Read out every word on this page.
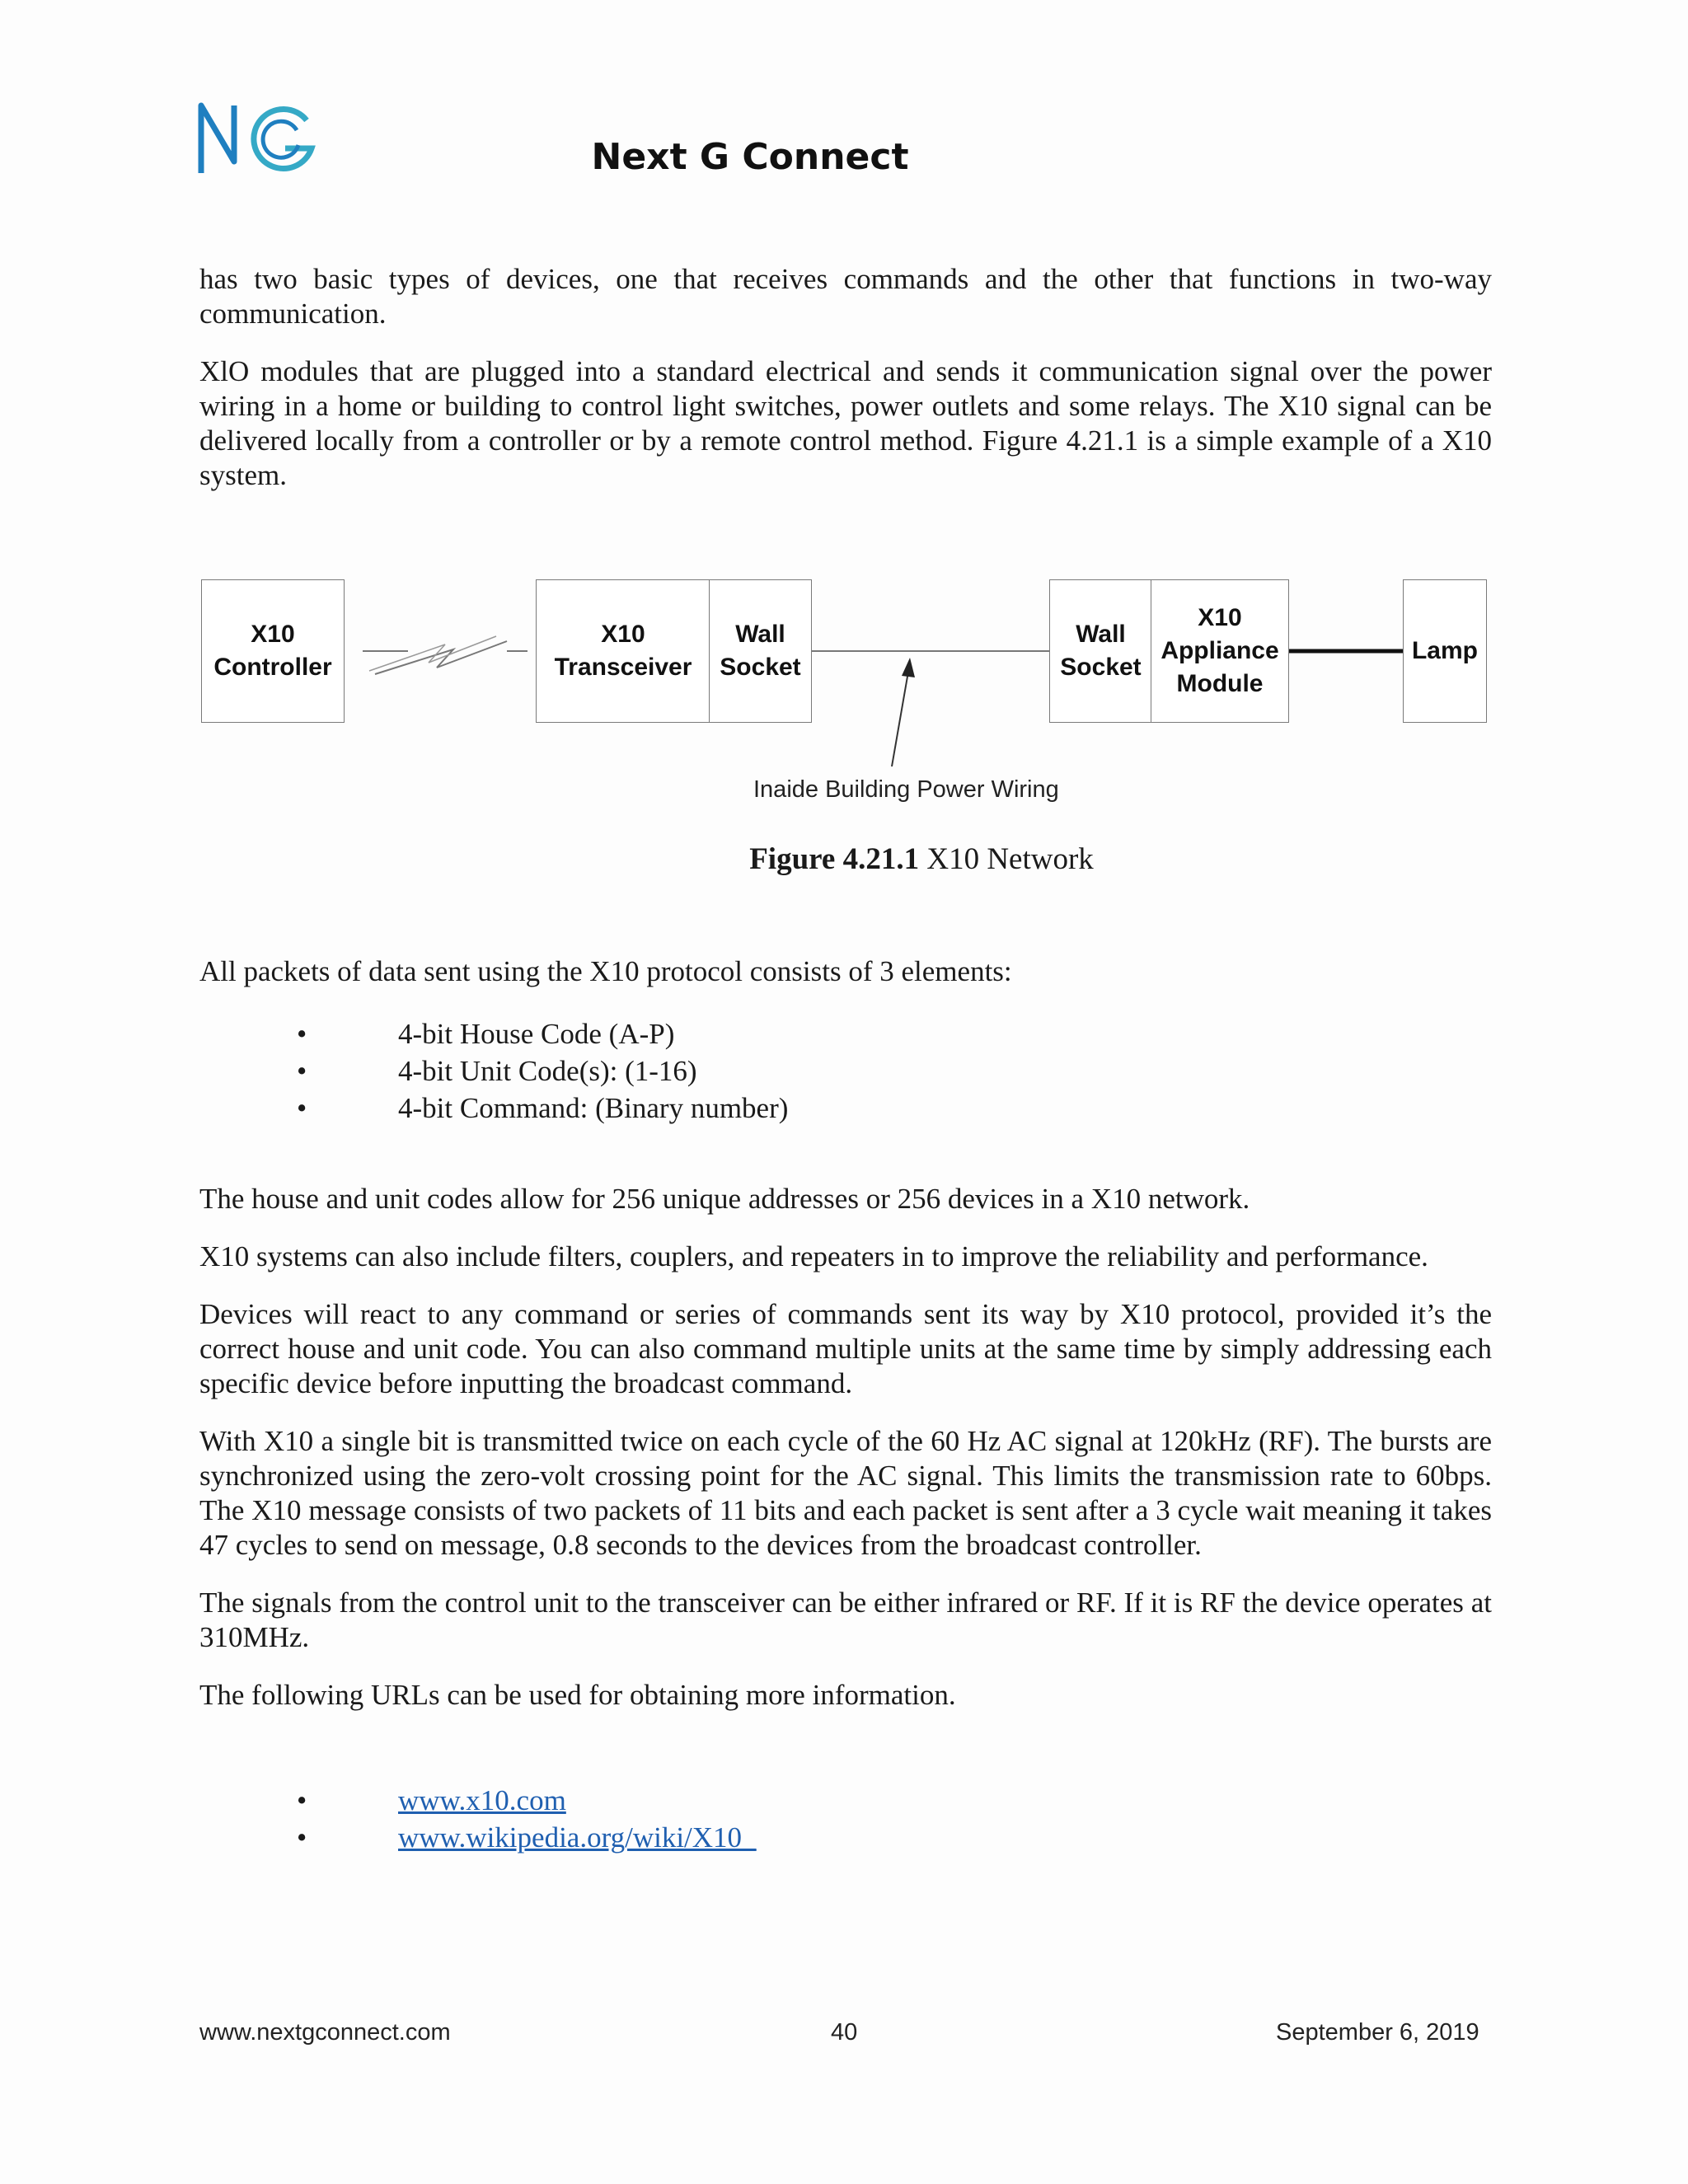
Next G Connect

has two basic types of devices, one that receives commands and the other that functions in two-way communication.

XlO modules that are plugged into a standard electrical and sends it communication signal over the power wiring in a home or building to control light switches, power outlets and some relays. The X10 signal can be delivered locally from a controller or by a remote control method. Figure 4.21.1 is a simple example of a X10 system.

X10
Controller
X10
Transceiver
Wall
Socket
Wall
Socket
X10
Appliance
Module
Lamp
Inaide Building Power Wiring
Figure 4.21.1 X10 Network

All packets of data sent using the X10 protocol consists of 3 elements:

•	4-bit House Code (A-P)
•	4-bit Unit Code(s): (1-16)
•	4-bit Command: (Binary number)

The house and unit codes allow for 256 unique addresses or 256 devices in a X10 network.

X10 systems can also include filters, couplers, and repeaters in to improve the reliability and performance.

Devices will react to any command or series of commands sent its way by X10 protocol, provided it’s the correct house and unit code. You can also command multiple units at the same time by simply addressing each specific device before inputting the broadcast command.

With X10 a single bit is transmitted twice on each cycle of the 60 Hz AC signal at 120kHz (RF). The bursts are synchronized using the zero-volt crossing point for the AC signal. This limits the transmission rate to 60bps. The X10 message consists of two packets of 11 bits and each packet is sent after a 3 cycle wait meaning it takes 47 cycles to send on message, 0.8 seconds to the devices from the broadcast controller.

The signals from the control unit to the transceiver can be either infrared or RF. If it is RF the device operates at 310MHz.

The following URLs can be used for obtaining more information.

•	www.x10.com
•	www.wikipedia.org/wiki/X10_
www.nextgconnect.com	40	September 6, 2019
